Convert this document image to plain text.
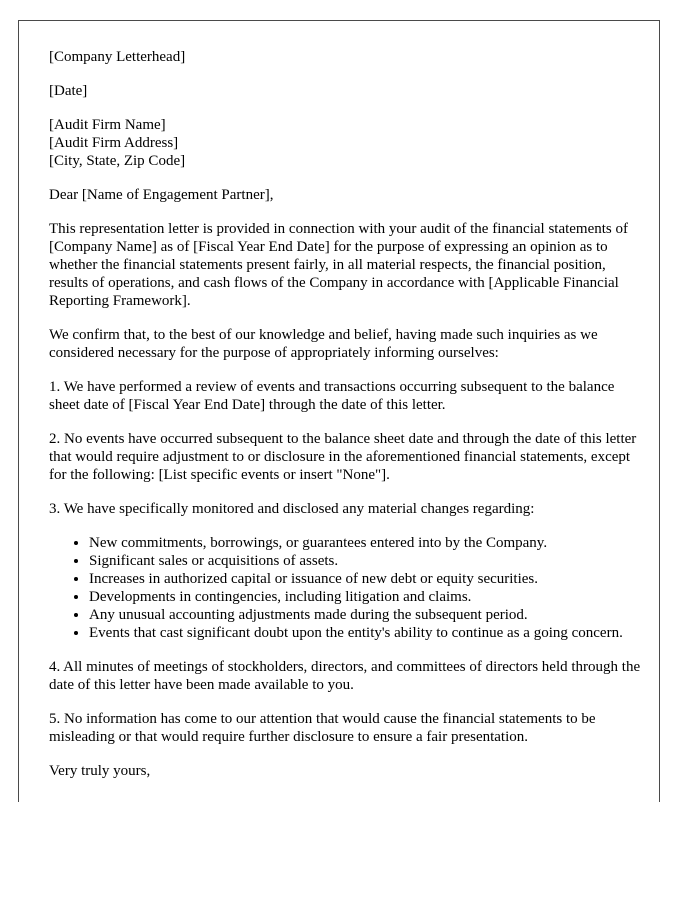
[Company Letterhead]

[Date]

[Audit Firm Name]
[Audit Firm Address]
[City, State, Zip Code]

Dear [Name of Engagement Partner],

This representation letter is provided in connection with your audit of the financial statements of [Company Name] as of [Fiscal Year End Date] for the purpose of expressing an opinion as to whether the financial statements present fairly, in all material respects, the financial position, results of operations, and cash flows of the Company in accordance with [Applicable Financial Reporting Framework].

We confirm that, to the best of our knowledge and belief, having made such inquiries as we considered necessary for the purpose of appropriately informing ourselves:

1. We have performed a review of events and transactions occurring subsequent to the balance sheet date of [Fiscal Year End Date] through the date of this letter.

2. No events have occurred subsequent to the balance sheet date and through the date of this letter that would require adjustment to or disclosure in the aforementioned financial statements, except for the following: [List specific events or insert "None"].

3. We have specifically monitored and disclosed any material changes regarding:

• New commitments, borrowings, or guarantees entered into by the Company.
• Significant sales or acquisitions of assets.
• Increases in authorized capital or issuance of new debt or equity securities.
• Developments in contingencies, including litigation and claims.
• Any unusual accounting adjustments made during the subsequent period.
• Events that cast significant doubt upon the entity's ability to continue as a going concern.

4. All minutes of meetings of stockholders, directors, and committees of directors held through the date of this letter have been made available to you.

5. No information has come to our attention that would cause the financial statements to be misleading or that would require further disclosure to ensure a fair presentation.

Very truly yours,
